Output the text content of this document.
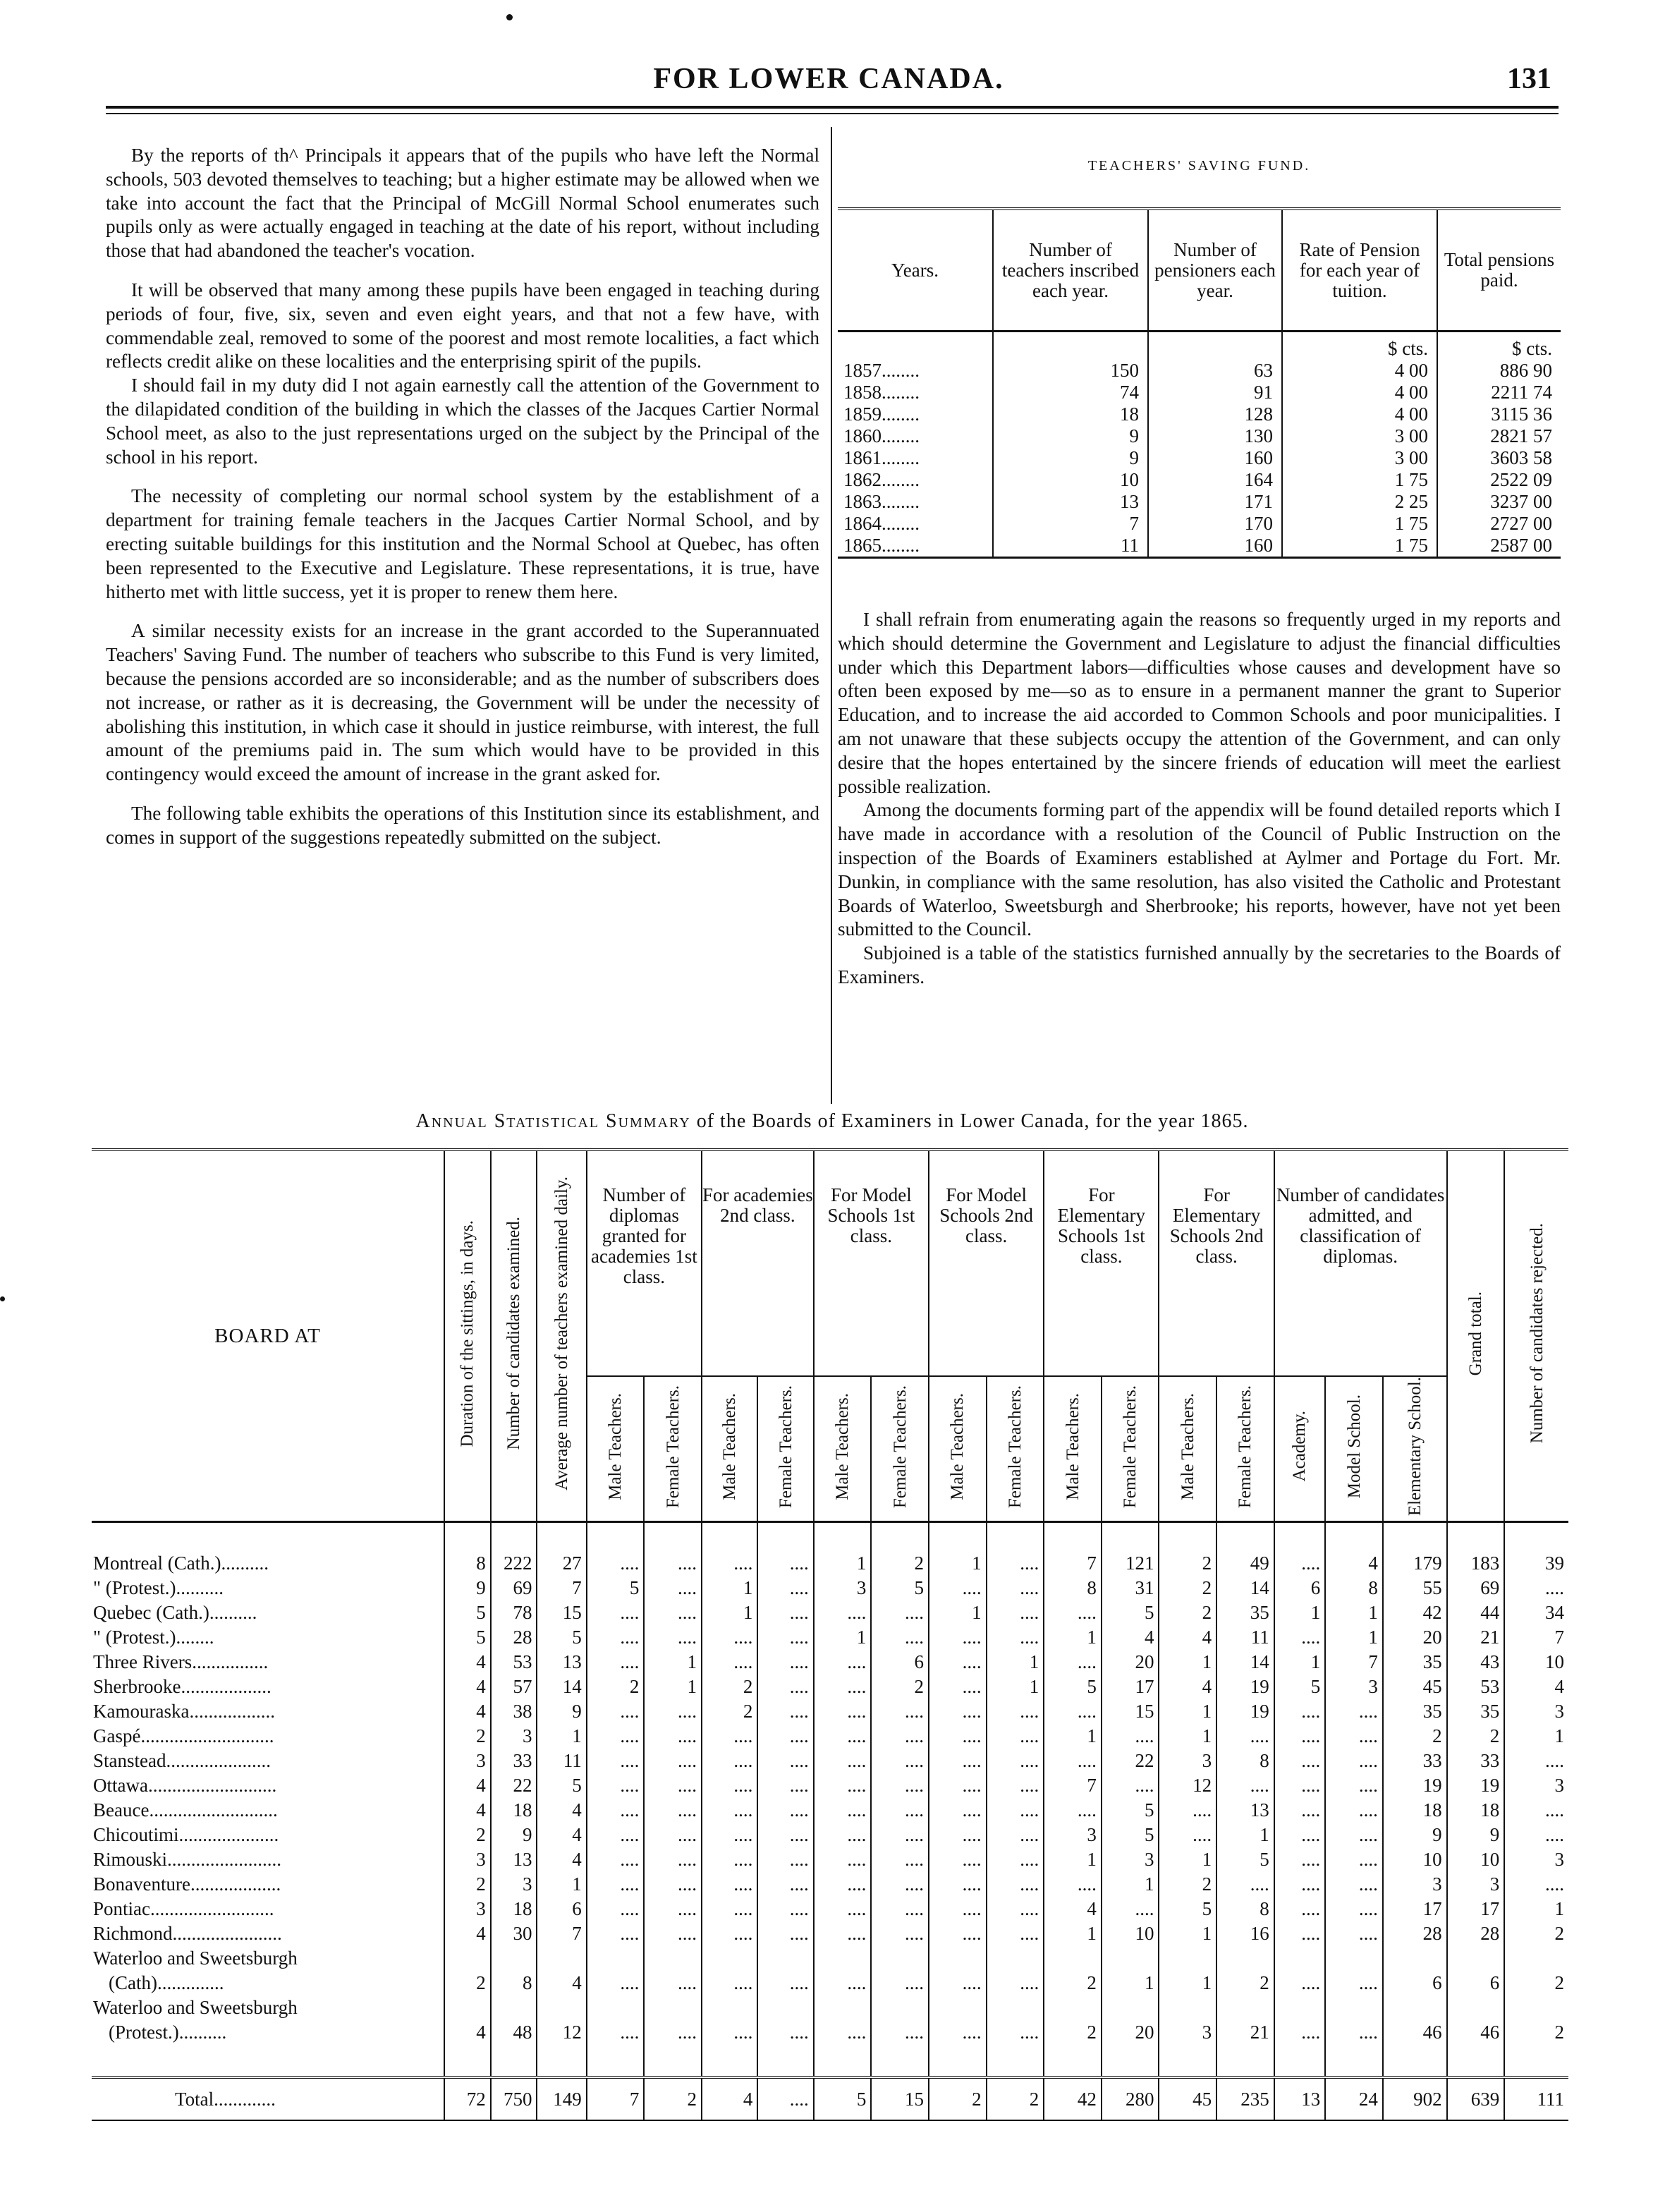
FOR LOWER CANADA.	131

By the reports of th^ Principals it appears that of the pupils who have left the Normal schools, 503 devoted themselves to teaching; but a higher estimate may be allowed when we take into account the fact that the Principal of McGill Normal School enumerates such pupils only as were actually engaged in teaching at the date of his report, without including those that had abandoned the teacher's vocation.

It will be observed that many among these pupils have been engaged in teaching during periods of four, five, six, seven and even eight years, and that not a few have, with commendable zeal, removed to some of the poorest and most remote localities, a fact which reflects credit alike on these localities and the enterprising spirit of the pupils.

I should fail in my duty did I not again earnestly call the attention of the Government to the dilapidated condition of the building in which the classes of the Jacques Cartier Normal School meet, as also to the just representations urged on the subject by the Principal of the school in his report.

The necessity of completing our normal school system by the establishment of a department for training female teachers in the Jacques Cartier Normal School, and by erecting suitable buildings for this institution and the Normal School at Quebec, has often been represented to the Executive and Legislature. These representations, it is true, have hitherto met with little success, yet it is proper to renew them here.

A similar necessity exists for an increase in the grant accorded to the Superannuated Teachers' Saving Fund. The number of teachers who subscribe to this Fund is very limited, because the pensions accorded are so inconsiderable; and as the number of subscribers does not increase, or rather as it is decreasing, the Government will be under the necessity of abolishing this institution, in which case it should in justice reimburse, with interest, the full amount of the premiums paid in. The sum which would have to be provided in this contingency would exceed the amount of increase in the grant asked for.

The following table exhibits the operations of this Institution since its establishment, and comes in support of the suggestions repeatedly submitted on the subject.

TEACHERS' SAVING FUND.
Years.	Number of teachers inscribed each year.	Number of pensioners each year.	Rate of Pension for each year of tuition.	Total pensions paid.
			$ cts.	$ cts.
1857........	150	63	4 00	886 90
1858........	74	91	4 00	2211 74
1859........	18	128	4 00	3115 36
1860........	9	130	3 00	2821 57
1861........	9	160	3 00	3603 58
1862........	10	164	1 75	2522 09
1863........	13	171	2 25	3237 00
1864........	7	170	1 75	2727 00
1865........	11	160	1 75	2587 00

I shall refrain from enumerating again the reasons so frequently urged in my reports and which should determine the Government and Legislature to adjust the financial difficulties under which this Department labors—difficulties whose causes and development have so often been exposed by me—so as to ensure in a permanent manner the grant to Superior Education, and to increase the aid accorded to Common Schools and poor municipalities. I am not unaware that these subjects occupy the attention of the Government, and can only desire that the hopes entertained by the sincere friends of education will meet the earliest possible realization.

Among the documents forming part of the appendix will be found detailed reports which I have made in accordance with a resolution of the Council of Public Instruction on the inspection of the Boards of Examiners established at Aylmer and Portage du Fort. Mr. Dunkin, in compliance with the same resolution, has also visited the Catholic and Protestant Boards of Waterloo, Sweetsburgh and Sherbrooke; his reports, however, have not yet been submitted to the Council.

Subjoined is a table of the statistics furnished annually by the secretaries to the Boards of Examiners.

Annual Statistical Summary of the Boards of Examiners in Lower Canada, for the year 1865.
BOARD AT	Duration of the sittings, in days.	Number of candidates examined.	Average number of teachers examined daily.	Number of diplomas granted for academies 1st class.		For academies 2nd class.		For Model Schools 1st class.		For Model Schools 2nd class.		For Elementary Schools 1st class.		For Elementary Schools 2nd class.		Number of candidates admitted, and classification of diplomas.			Grand total.	Number of candidates rejected.
				Male Teachers.	Female Teachers.	Male Teachers.	Female Teachers.	Male Teachers.	Female Teachers.	Male Teachers.	Female Teachers.	Male Teachers.	Female Teachers.	Male Teachers.	Female Teachers.	Academy.	Model School.	Elementary School.		
Montreal (Cath.)..........	8	222	27	....	....	....	....	1	2	1	....	7	121	2	49	....	4	179	183	39
" (Protest.)..........	9	69	7	5	....	1	....	3	5	....	....	8	31	2	14	6	8	55	69	....
Quebec (Cath.)..........	5	78	15	....	....	1	....	....	....	1	....	....	5	2	35	1	1	42	44	34
" (Protest.)........	5	28	5	....	....	....	....	1	....	....	....	1	4	4	11	....	1	20	21	7
Three Rivers................	4	53	13	....	1	....	....	....	6	....	1	....	20	1	14	1	7	35	43	10
Sherbrooke...................	4	57	14	2	1	2	....	....	2	....	1	5	17	4	19	5	3	45	53	4
Kamouraska..................	4	38	9	....	....	2	....	....	....	....	....	....	15	1	19	....	....	35	35	3
Gaspé............................	2	3	1	....	....	....	....	....	....	....	....	1	....	1	....	....	....	2	2	1
Stanstead......................	3	33	11	....	....	....	....	....	....	....	....	....	22	3	8	....	....	33	33	....
Ottawa...........................	4	22	5	....	....	....	....	....	....	....	....	7	....	12	....	....	....	19	19	3
Beauce...........................	4	18	4	....	....	....	....	....	....	....	....	....	5	....	13	....	....	18	18	....
Chicoutimi.....................	2	9	4	....	....	....	....	....	....	....	....	3	5	....	1	....	....	9	9	....
Rimouski........................	3	13	4	....	....	....	....	....	....	....	....	1	3	1	5	....	....	10	10	3
Bonaventure...................	2	3	1	....	....	....	....	....	....	....	....	....	1	2	....	....	....	3	3	....
Pontiac..........................	3	18	6	....	....	....	....	....	....	....	....	4	....	5	8	....	....	17	17	1
Richmond.......................	4	30	7	....	....	....	....	....	....	....	....	1	10	1	16	....	....	28	28	2

Waterloo and Sweetsburgh
(Cath)..............	2	8	4	....	....	....	....	....	....	....	....	2	1	1	2	....	....	6	6	2

Waterloo and Sweetsburgh
(Protest.)..........	4	48	12	....	....	....	....	....	....	....	....	2	20	3	21	....	....	46	46	2

Total.............	72	750	149	7	2	4	....	5	15	2	2	42	280	45	235	13	24	902	639	111
